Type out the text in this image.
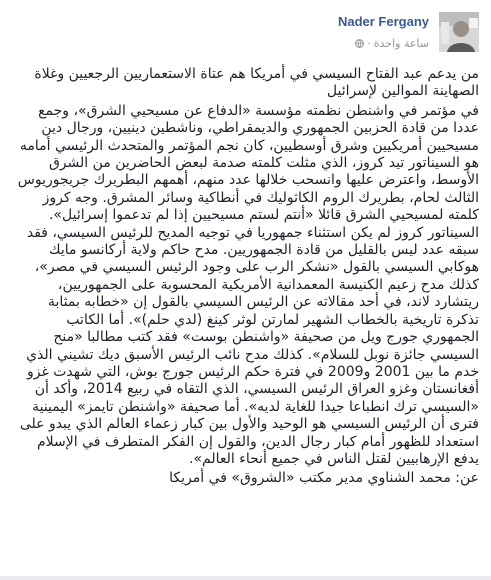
Nader Fergany
ساعة واحدة·

من يدعم عبد الفتاح السيسي في أمريكا هم عتاة الاستعماريين الرجعيين وغلاة الصهاينة الموالين لإسرائيل

في مؤتمر في واشنطن نظمته مؤسسة «الدفاع عن مسيحيي الشرق»، وجمع عددا من قادة الحزبين الجمهوري والديمقراطي، وناشطين دينيين، ورجال دين مسيحيين أمريكيين وشرق أوسطيين، كان نجم المؤتمر والمتحدث الرئيسي أمامه هو السيناتور تيد كروز، الذي مثلت كلمته صدمة لبعض الحاضرين من الشرق الأوسط، واعترض عليها وانسحب خلالها عدد منهم، أهمهم البطريرك جريجوريوس الثالث لحام، بطريرك الروم الكاثوليك في أنطاكية وسائر المشرق. وجه كروز كلمته لمسيحيي الشرق قائلا «أنتم لستم مسيحيين إذا لم تدعموا إسرائيل». السيناتور كروز لم يكن استثناء جمهوريا في توجيه المديح للرئيس السيسي، فقد سبقه عدد ليس بالقليل من قادة الجمهوريين. مدح حاكم ولاية أركانسو مايك هوكابي السيسي بالقول «نشكر الرب على وجود الرئيس السيسي في مصر»، كذلك مدح زعيم الكنيسة المعمدانية الأمريكية المحسوبة على الجمهوريين، ريتشارد لاند، في أحد مقالاته عن الرئيس السيسي بالقول إن «خطابه بمثابة تذكرة تاريخية بالخطاب الشهير لمارتن لوثر كينغ (لدي حلم)». أما الكاتب الجمهوري جورج ويل من صحيفة «واشنطن بوست» فقد كتب مطالبا «منح السيسي جائزة نوبل للسلام». كذلك مدح نائب الرئيس الأسبق ديك تشيني الذي خدم ما بين 2001 و2009 في فترة حكم الرئيس جورج بوش، التي شهدت غزو أفغانستان وغزو العراق الرئيس السيسي، الذي التقاه في ربيع 2014، وأكد أن «السيسي ترك انطباعا جيدا للغاية لديه». أما صحيفة «واشنطن تايمز» اليمينية فترى أن الرئيس السيسي هو الوحيد والأول بين كبار زعماء العالم الذي يبدو على استعداد للظهور أمام كبار رجال الدين، والقول إن الفكر المتطرف في الإسلام يدفع الإرهابيين لقتل الناس في جميع أنحاء العالم».

عن: محمد الشناوي مدير مكتب «الشروق» في أمريكا
